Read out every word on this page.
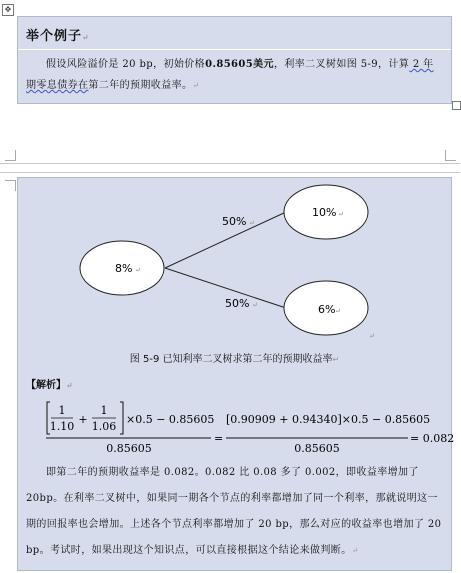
✥
举个例子↵
假设风险溢价是 20 bp，初始价格0.85605美元，利率二叉树如图 5-9，计算 2 年期零息债券在第二年的预期收益率。↵
8% ↵
10% ↵
6% ↵
50% ↵
50% ↵
↵
图 5-9 已知利率二叉树求第二年的预期收益率↵
【解析】↵
1
1.10
+
1
1.06
×0.5 − 0.85605
0.85605
=
[0.90909 + 0.94340]×0.5 − 0.85605
0.85605
= 0.082
即第二年的预期收益率是 0.082。0.082 比 0.08 多了 0.002，即收益率增加了 20bp。在利率二叉树中，如果同一期各个节点的利率都增加了同一个利率，那就说明这一期的回报率也会增加。上述各个节点利率都增加了 20 bp，那么对应的收益率也增加了 20 bp。考试时，如果出现这个知识点，可以直接根据这个结论来做判断。↵
